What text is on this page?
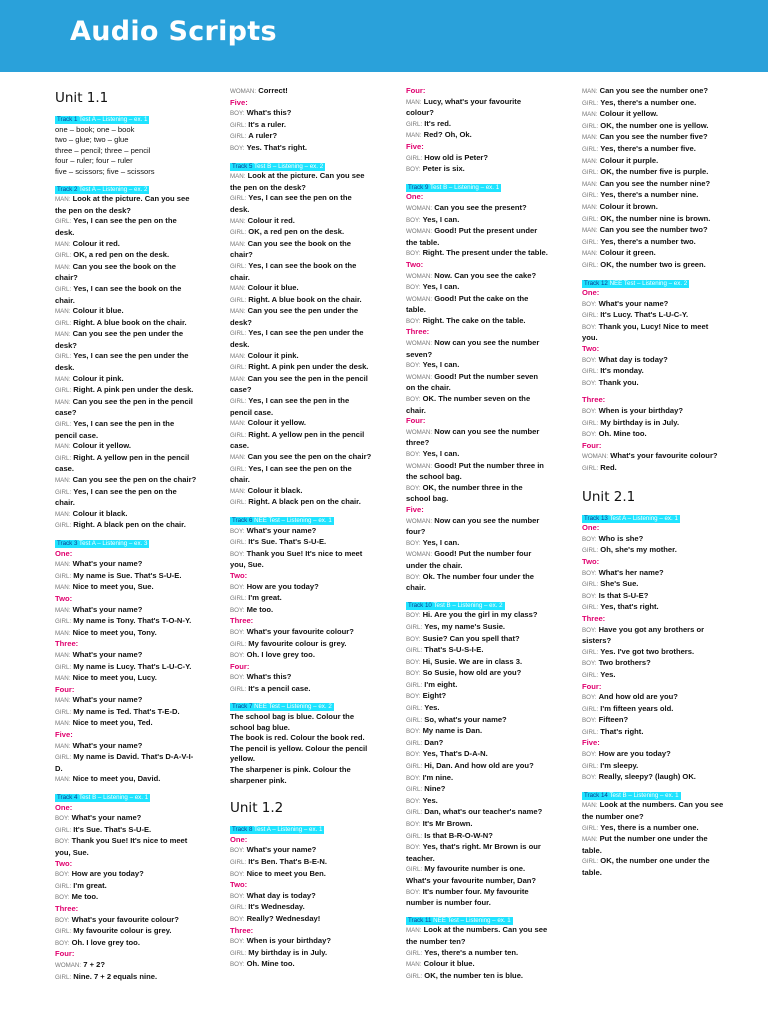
Audio Scripts
Unit 1.1
Track 1 Test A – Listening – ex. 1
one – book; one – book
two – glue; two – glue
three – pencil; three – pencil
four – ruler; four – ruler
five – scissors; five – scissors
Track 2 Test A – Listening – ex. 2
MAN: Look at the picture. Can you see the pen on the desk?
GIRL: Yes, I can see the pen on the desk.
MAN: Colour it red.
GIRL: OK, a red pen on the desk.
MAN: Can you see the book on the chair?
GIRL: Yes, I can see the book on the chair.
MAN: Colour it blue.
GIRL: Right. A blue book on the chair.
MAN: Can you see the pen under the desk?
GIRL: Yes, I can see the pen under the desk.
MAN: Colour it pink.
GIRL: Right. A pink pen under the desk.
MAN: Can you see the pen in the pencil case?
GIRL: Yes, I can see the pen in the pencil case.
MAN: Colour it yellow.
GIRL: Right. A yellow pen in the pencil case.
MAN: Can you see the pen on the chair?
GIRL: Yes, I can see the pen on the chair.
MAN: Colour it black.
GIRL: Right. A black pen on the chair.
Track 3 Test A – Listening – ex. 3
One:
MAN: What's your name?
GIRL: My name is Sue. That's S-U-E.
MAN: Nice to meet you, Sue.
Two:
MAN: What's your name?
GIRL: My name is Tony. That's T-O-N-Y.
MAN: Nice to meet you, Tony.
Three:
MAN: What's your name?
GIRL: My name is Lucy. That's L-U-C-Y.
MAN: Nice to meet you, Lucy.
Four:
MAN: What's your name?
GIRL: My name is Ted. That's T-E-D.
MAN: Nice to meet you, Ted.
Five:
MAN: What's your name?
GIRL: My name is David. That's D-A-V-I-D.
MAN: Nice to meet you, David.
Track 4 Test B – Listening – ex. 1
One:
BOY: What's your name?
GIRL: It's Sue. That's S-U-E.
BOY: Thank you Sue! It's nice to meet you, Sue.
Two:
BOY: How are you today?
GIRL: I'm great.
BOY: Me too.
Three:
BOY: What's your favourite colour?
GIRL: My favourite colour is grey.
BOY: Oh. I love grey too.
Four:
WOMAN: 7 + 2?
GIRL: Nine. 7 + 2 equals nine.
WOMAN: Correct!
Five:
BOY: What's this?
GIRL: It's a ruler.
GIRL: A ruler?
BOY: Yes. That's right.
Track 5 Test B – Listening – ex. 2
MAN: Look at the picture. Can you see the pen on the desk?
GIRL: Yes, I can see the pen on the desk.
MAN: Colour it red.
GIRL: OK, a red pen on the desk.
MAN: Can you see the book on the chair?
GIRL: Yes, I can see the book on the chair.
MAN: Colour it blue.
GIRL: Right. A blue book on the chair.
MAN: Can you see the pen under the desk?
GIRL: Yes, I can see the pen under the desk.
MAN: Colour it pink.
GIRL: Right. A pink pen under the desk.
MAN: Can you see the pen in the pencil case?
GIRL: Yes, I can see the pen in the pencil case.
MAN: Colour it yellow.
GIRL: Right. A yellow pen in the pencil case.
MAN: Can you see the pen on the chair?
GIRL: Yes, I can see the pen on the chair.
MAN: Colour it black.
GIRL: Right. A black pen on the chair.
Track 6 NEE Test – Listening – ex. 1
BOY: What's your name?
GIRL: It's Sue. That's S-U-E.
BOY: Thank you Sue! It's nice to meet you, Sue.
Two:
BOY: How are you today?
GIRL: I'm great.
BOY: Me too.
Three:
BOY: What's your favourite colour?
GIRL: My favourite colour is grey.
BOY: Oh. I love grey too.
Four:
BOY: What's this?
GIRL: It's a pencil case.
Track 7 NEE Test – Listening – ex. 2
The school bag is blue. Colour the school bag blue.
The book is red. Colour the book red.
The pencil is yellow. Colour the pencil yellow.
The sharpener is pink. Colour the sharpener pink.
Unit 1.2
Track 8 Test A – Listening – ex. 1
One:
BOY: What's your name?
GIRL: It's Ben. That's B-E-N.
BOY: Nice to meet you Ben.
Two:
BOY: What day is today?
GIRL: It's Wednesday.
BOY: Really? Wednesday!
Three:
BOY: When is your birthday?
GIRL: My birthday is in July.
BOY: Oh. Mine too.
Four:
MAN: Lucy, what's your favourite colour?
GIRL: It's red.
MAN: Red? Oh, Ok.
Five:
GIRL: How old is Peter?
BOY: Peter is six.
Track 9 Test B – Listening – ex. 1
One:
WOMAN: Can you see the present?
BOY: Yes, I can.
WOMAN: Good! Put the present under the table.
BOY: Right. The present under the table.
Two:
WOMAN: Now. Can you see the cake?
BOY: Yes, I can.
WOMAN: Good! Put the cake on the table.
BOY: Right. The cake on the table.
Three:
WOMAN: Now can you see the number seven?
BOY: Yes, I can.
WOMAN: Good! Put the number seven on the chair.
BOY: OK. The number seven on the chair.
Four:
WOMAN: Now can you see the number three?
BOY: Yes, I can.
WOMAN: Good! Put the number three in the school bag.
BOY: OK, the number three in the school bag.
Five:
WOMAN: Now can you see the number four?
BOY: Yes, I can.
WOMAN: Good! Put the number four under the chair.
BOY: Ok. The number four under the chair.
Track 10 Test B – Listening – ex. 2
BOY: Hi. Are you the girl in my class?
GIRL: Yes, my name's Susie.
BOY: Susie? Can you spell that?
GIRL: That's S-U-S-I-E.
BOY: Hi, Susie. We are in class 3.
BOY: So Susie, how old are you?
GIRL: I'm eight.
BOY: Eight?
GIRL: Yes.
GIRL: So, what's your name?
BOY: My name is Dan.
GIRL: Dan?
BOY: Yes, That's D-A-N.
GIRL: Hi, Dan. And how old are you?
BOY: I'm nine.
GIRL: Nine?
BOY: Yes.
GIRL: Dan, what's our teacher's name?
BOY: It's Mr Brown.
GIRL: Is that B-R-O-W-N?
BOY: Yes, that's right. Mr Brown is our teacher.
GIRL: My favourite number is one. What's your favourite number, Dan?
BOY: It's number four. My favourite number is number four.
Track 11 NEE Test – Listening – ex. 1
MAN: Look at the numbers. Can you see the number ten?
GIRL: Yes, there's a number ten.
MAN: Colour it blue.
GIRL: OK, the number ten is blue.
MAN: Can you see the number one?
GIRL: Yes, there's a number one.
MAN: Colour it yellow.
GIRL: OK, the number one is yellow.
MAN: Can you see the number five?
GIRL: Yes, there's a number five.
MAN: Colour it purple.
GIRL: OK, the number five is purple.
MAN: Can you see the number nine?
GIRL: Yes, there's a number nine.
MAN: Colour it brown.
GIRL: OK, the number nine is brown.
MAN: Can you see the number two?
GIRL: Yes, there's a number two.
MAN: Colour it green.
GIRL: OK, the number two is green.
Track 12 NEE Test – Listening – ex. 2
One:
BOY: What's your name?
GIRL: It's Lucy. That's L-U-C-Y.
BOY: Thank you, Lucy! Nice to meet you.
Two:
BOY: What day is today?
GIRL: It's monday.
BOY: Thank you.
Three:
BOY: When is your birthday?
GIRL: My birthday is in July.
BOY: Oh. Mine too.
Four:
WOMAN: What's your favourite colour?
GIRL: Red.
Unit 2.1
Track 13 Test A – Listening – ex. 1
One:
BOY: Who is she?
GIRL: Oh, she's my mother.
Two:
BOY: What's her name?
GIRL: She's Sue.
BOY: Is that S-U-E?
GIRL: Yes, that's right.
Three:
BOY: Have you got any brothers or sisters?
GIRL: Yes. I've got two brothers.
BOY: Two brothers?
GIRL: Yes.
Four:
BOY: And how old are you?
GIRL: I'm fifteen years old.
BOY: Fifteen?
GIRL: That's right.
Five:
BOY: How are you today?
GIRL: I'm sleepy.
BOY: Really, sleepy? (laugh) OK.
Track 14 Test B – Listening – ex. 1
MAN: Look at the numbers. Can you see the number one?
GIRL: Yes, there is a number one.
MAN: Put the number one under the table.
GIRL: OK, the number one under the table.
